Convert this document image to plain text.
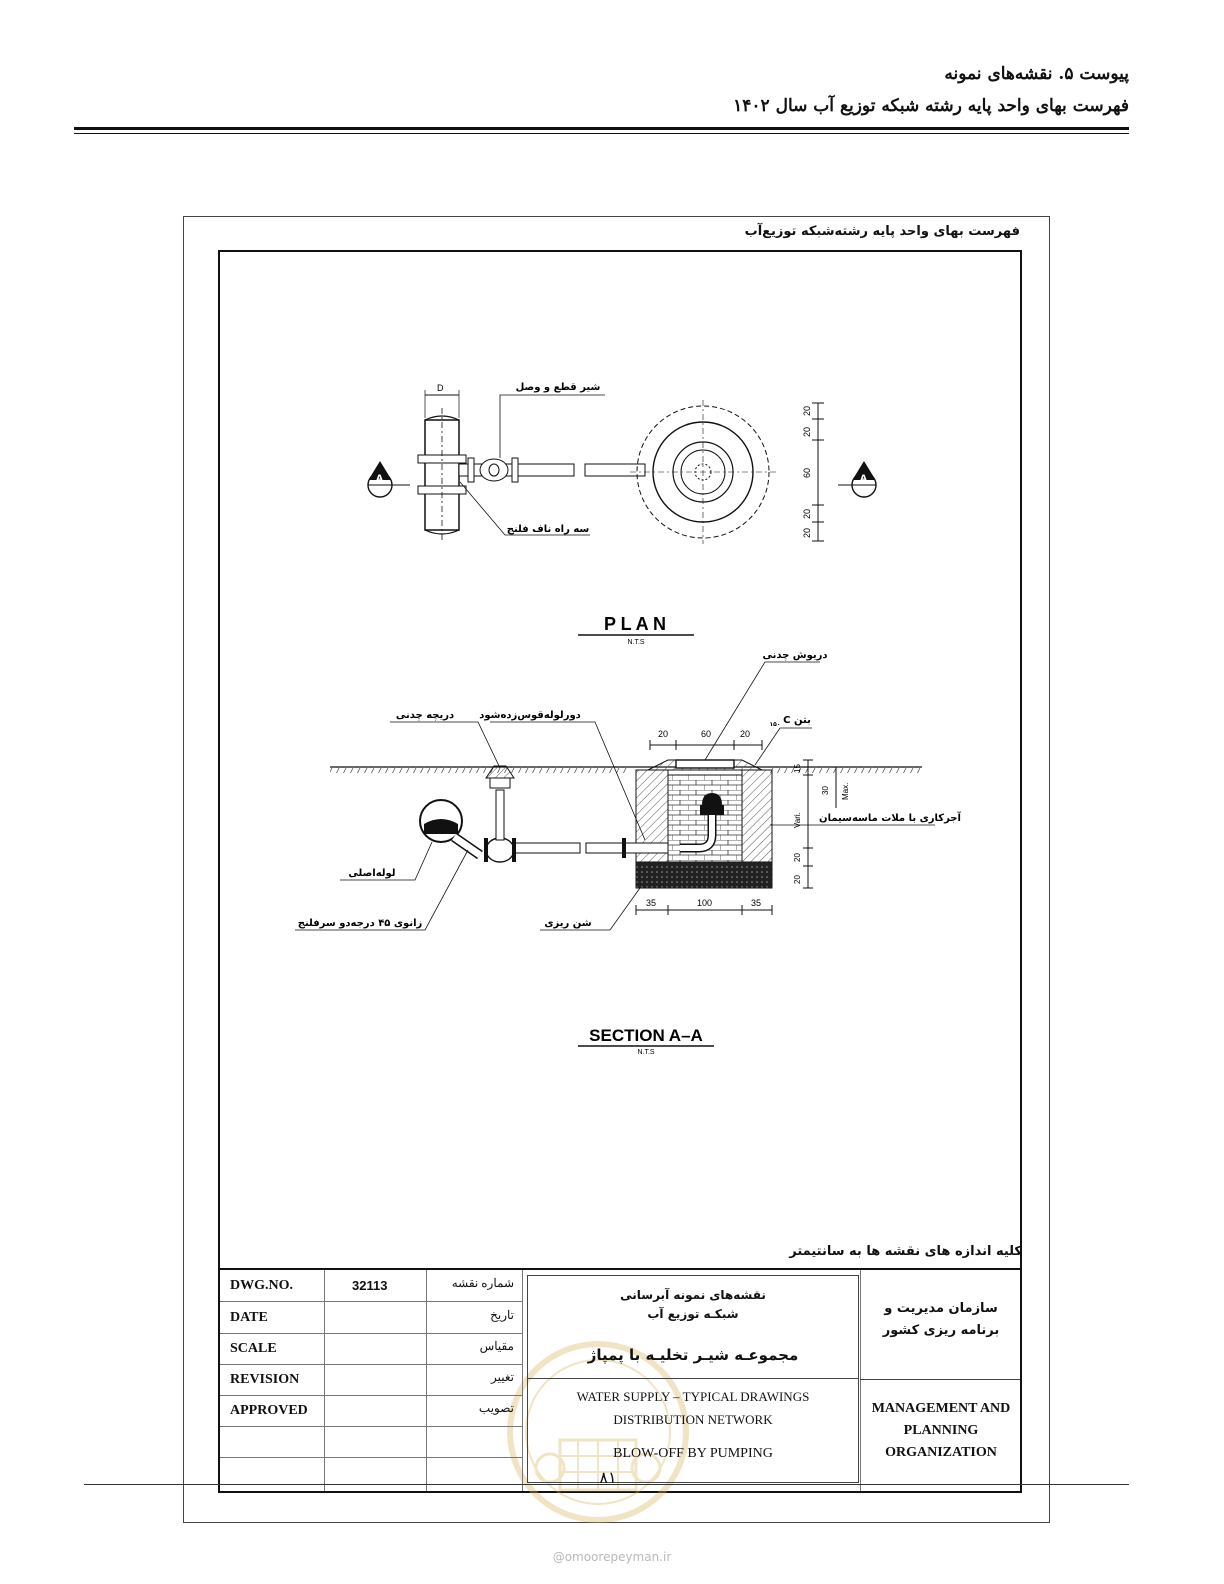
پیوست ۵. نقشه‌های نمونه
فهرست بهای واحد پایه رشته شبکه توزیع آب سال ۱۴۰۲
فهرست بهای واحد پایه رشته‌شبکه توزیع‌آب
D	شیر قطع و وصل
سه راه ناف فلنج
20
20
60
20
20
A	A
P L A N
N.T.S
20	60	20
35	100	35
15
30 Max.
Vari.
20
20
دریوش چدنی
دریچه چدنی	دورلوله‌قوس‌زده‌شود	بتن C
۱۵۰
آجرکاری با ملات ماسه‌سیمان
لوله‌اصلی
زانوی ۴۵ درجه‌دو سرفلنج	شن ریزی
SECTION A–A
N.T.S
کلیه اندازه های نقشه ها به سانتیمتر
DWG.NO.	32113	شماره نقشه
DATE	تاریخ
SCALE	مقیاس
REVISION	تغییر
APPROVED	تصویب
نقشه‌های نمونه آبرسانی
شبکـه توزیع آب
مجموعـه شیـر تخلیـه با پمپاژ
WATER SUPPLY – TYPICAL DRAWINGS
DISTRIBUTION NETWORK
BLOW-OFF BY PUMPING
سازمان مدیریت و برنامه ریزی کشور
MANAGEMENT AND PLANNING ORGANIZATION
۸۱
@omoorepeyman.ir
